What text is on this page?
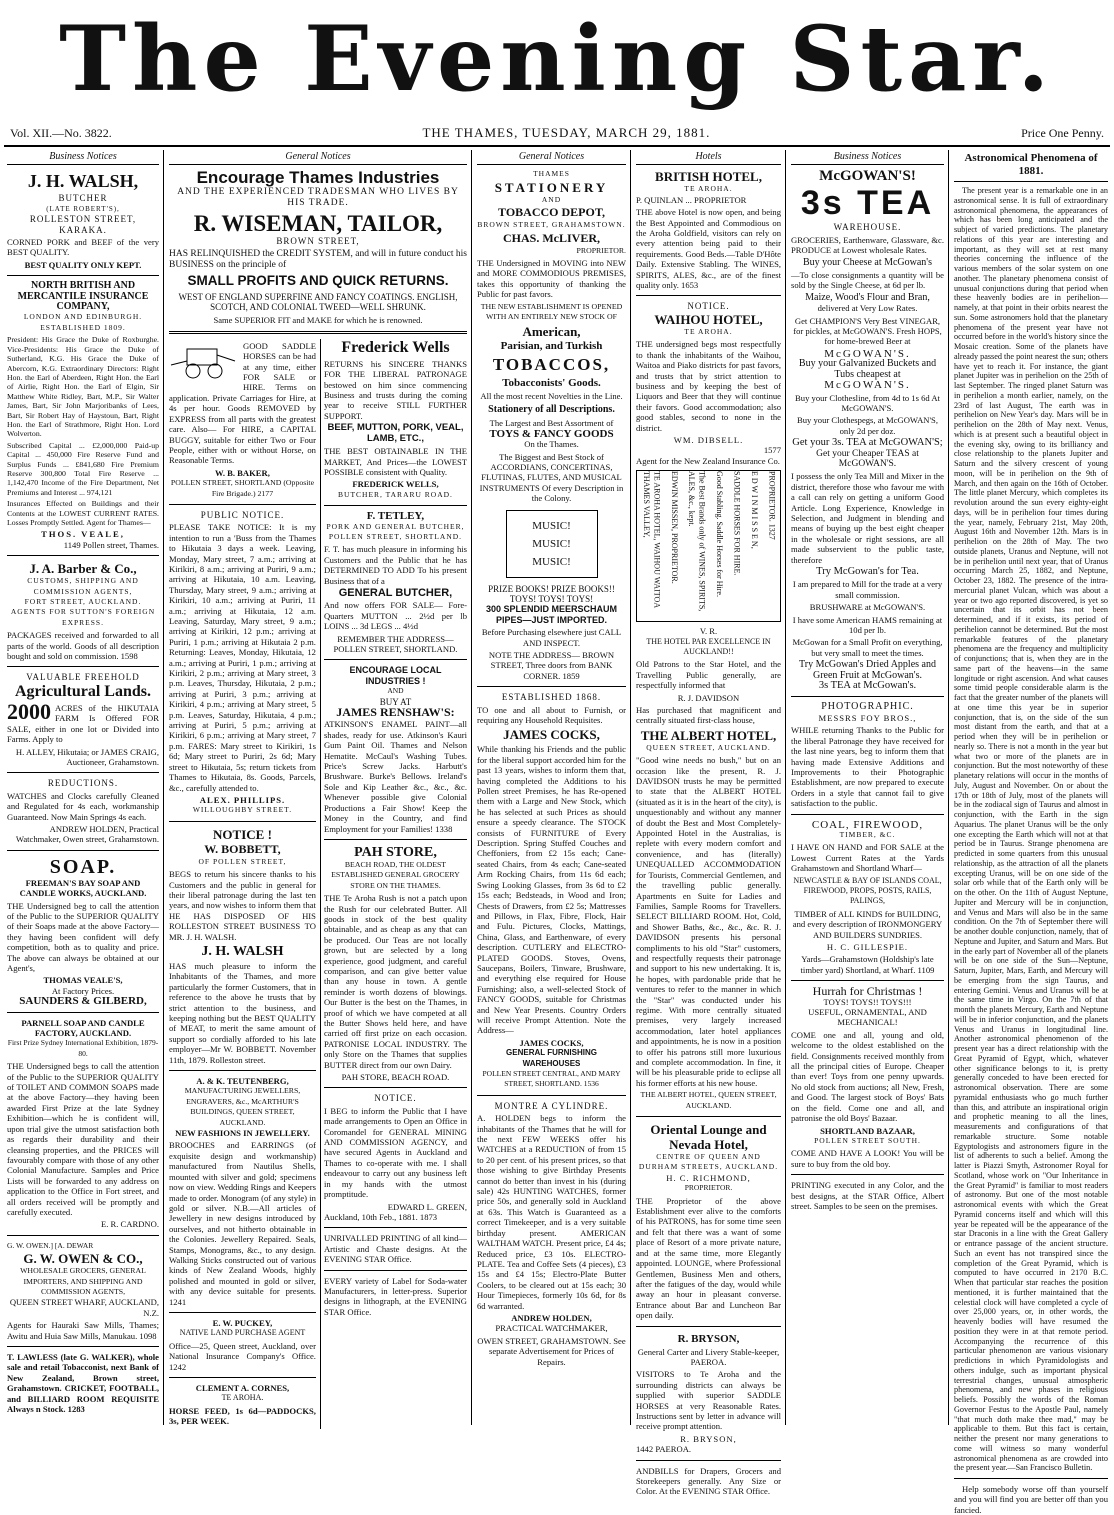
The Evening Star.
Vol. XII.—No. 3822.	THE THAMES, TUESDAY, MARCH 29, 1881.	Price One Penny.
Business Notices
J. H. WALSH,
BUTCHER
(LATE ROBERT'S),
ROLLESTON STREET, KARAKA.

CORNED PORK and BEEF of the very BEST QUALITY.

BEST QUALITY ONLY KEPT.
NORTH BRITISH AND MERCANTILE INSURANCE COMPANY,
LONDON AND EDINBURGH.
ESTABLISHED 1809.

President: His Grace the Duke of Roxburghe. Vice-Presidents: His Grace the Duke of Sutherland, K.G. His Grace the Duke of Abercorn, K.G. Extraordinary Directors: Right Hon. the Earl of Aberdeen, Right Hon. the Earl of Airlie, Right Hon. the Earl of Elgin, Sir Matthew White Ridley, Bart, M.P., Sir Walter James, Bart, Sir John Marjoribanks of Lees, Bart, Sir Robert Hay of Haystoun, Bart, Right Hon. the Earl of Strathmore, Right Hon. Lord Wolverton.

Subscribed Capital ... £2,000,000 Paid-up Capital ... 450,000 Fire Reserve Fund and Surplus Funds ... £841,680 Fire Premium Reserve 300,800 Total Fire Reserve ... 1,142,470 Income of the Fire Department, Net Premiums and Interest ... 974,121

Insurances Effected on Buildings and their Contents at the LOWEST CURRENT RATES. Losses Promptly Settled. Agent for Thames—

THOS. VEALE,
1149 Pollen street, Thames.
J. A. Barber & Co.,
CUSTOMS, SHIPPING AND COMMISSION AGENTS,
FORT STREET, AUCKLAND.
AGENTS FOR SUTTON'S FOREIGN EXPRESS.

PACKAGES received and forwarded to all parts of the world. Goods of all description bought and sold on commission. 1598

VALUABLE FREEHOLD
Agricultural Lands.
2000 ACRES of the HIKUTAIA FARM Is Offered FOR SALE, either in one lot or Divided into Farms. Apply to

H. ALLEY, Hikutaia; or JAMES CRAIG, Auctioneer, Grahamstown.

REDUCTIONS.

WATCHES and Clocks carefully Cleaned and Regulated for 4s each, workmanship Guaranteed. Now Main Springs 4s each.

ANDREW HOLDEN, Practical Watchmaker, Owen street, Grahamstown.

SOAP.
FREEMAN'S BAY SOAP AND CANDLE WORKS, AUCKLAND.

THE Undersigned beg to call the attention of the Public to the SUPERIOR QUALITY of their Soaps made at the above Factory—they having been confident will defy competition, both as to quality and price. The above can always be obtained at our Agent's,

THOMAS VEALE'S,
At Factory Prices.
SAUNDERS & GILBERD,
PARNELL SOAP AND CANDLE FACTORY, AUCKLAND.
First Prize Sydney International Exhibition, 1879-80.

THE Undersigned begs to call the attention of the Public to the SUPERIOR QUALITY of TOILET AND COMMON SOAPS made at the above Factory—they having been awarded First Prize at the late Sydney Exhibition—which he is confident will, upon trial give the utmost satisfaction both as regards their durability and their cleansing properties, and the PRICES will favourably compare with those of any other Colonial Manufacture. Samples and Price Lists will be forwarded to any address on application to the Office in Fort street, and all orders received will be promptly and carefully executed.

E. R. CARDNO.
G. W. OWEN.] [A. DEWAR
G. W. OWEN & CO.,
WHOLESALE GROCERS, GENERAL IMPORTERS, AND SHIPPING AND COMMISSION AGENTS,
QUEEN STREET WHARF, AUCKLAND, N.Z.

Agents for Hauraki Saw Mills, Thames; Awitu and Huia Saw Mills, Manukau. 1098

T. LAWLESS (late G. WALKER), whole sale and retail Tobacconist, next Bank of New Zealand, Brown street, Grahamstown. CRICKET, FOOTBALL, and BILLIARD ROOM REQUISITE Always n Stock. 1283

General Notices
Encourage Thames Industries
AND THE EXPERIENCED TRADESMAN WHO LIVES BY HIS TRADE.
R. WISEMAN, TAILOR,
BROWN STREET,

HAS RELINQUISHED the CREDIT SYSTEM, and will in future conduct his BUSINESS on the principle of

SMALL PROFITS AND QUICK RETURNS.
WEST OF ENGLAND SUPERFINE AND FANCY COATINGS. ENGLISH, SCOTCH, AND COLONIAL TWEED—WELL SHRUNK.
Same SUPERIOR FIT and MAKE for which he is renowned.

GOOD SADDLE HORSES can be had at any time, either FOR SALE or HIRE. Terms on application. Private Carriages for Hire, at 4s per hour. Goods REMOVED by EXPRESS from all parts with the greatest care. Also— For HIRE, a CAPITAL BUGGY, suitable for either Two or Four People, either with or without Horse, on Reasonable Terms.

W. B. BAKER,
POLLEN STREET, SHORTLAND (Opposite Fire Brigade.) 2177
PUBLIC NOTICE.

PLEASE TAKE NOTICE: It is my intention to run a 'Buss from the Thames to Hikutaia 3 days a week. Leaving, Monday, Mary street, 7 a.m.; arriving at Kirikiri, 8 a.m.; arriving at Puriri, 9 a.m.; arriving at Hikutaia, 10 a.m. Leaving, Thursday, Mary street, 9 a.m.; arriving at Kirikiri, 10 a.m.; arriving at Puriri, 11 a.m.; arriving at Hikutaia, 12 a.m. Leaving, Saturday, Mary street, 9 a.m.; arriving at Kirikiri, 12 p.m.; arriving at Puriri, 1 p.m.; arriving at Hikutaia 2 p.m. Returning: Leaves, Monday, Hikutaia, 12 a.m.; arriving at Puriri, 1 p.m.; arriving at Kirikiri, 2 p.m.; arriving at Mary street, 3 p.m. Leaves, Thursday, Hikutaia, 2 p.m.; arriving at Puriri, 3 p.m.; arriving at Kirikiri, 4 p.m.; arriving at Mary street, 5 p.m. Leaves, Saturday, Hikutaia, 4 p.m.; arriving at Puriri, 5 p.m.; arriving at Kirikiri, 6 p.m.; arriving at Mary street, 7 p.m. FARES: Mary street to Kirikiri, 1s 6d; Mary street to Puriri, 2s 6d; Mary street to Hikutaia, 5s; return tickets from Thames to Hikutaia, 8s. Goods, Parcels, &c., carefully attended to.

ALEX. PHILLIPS.
WILLOUGHBY STREET.
NOTICE !
W. BOBBETT,
OF POLLEN STREET,

BEGS to return his sincere thanks to his Customers and the public in general for their liberal patronage during the last ten years, and now wishes to inform them that HE HAS DISPOSED OF HIS ROLLESTON STREET BUSINESS TO MR. J. H. WALSH.

J. H. WALSH

HAS much pleasure to inform the Inhabitants of the Thames, and more particularly the former Customers, that in reference to the above he trusts that by strict attention to the business, and keeping nothing but the BEST QUALITY of MEAT, to merit the same amount of support so cordially afforded to his late employer—Mr W. BOBBETT. November 11th, 1879. Rolleston street.

A. & K. TEUTENBERG,
MANUFACTURING JEWELLERS, ENGRAVERS, &c., McARTHUR'S BUILDINGS, QUEEN STREET, AUCKLAND.
NEW FASHIONS IN JEWELLERY.

BROOCHES and EARRINGS (of exquisite design and workmanship) manufactured from Nautilus Shells, mounted with silver and gold; specimens now on view. Wedding Rings and Keepers made to order. Monogram (of any style) in gold or silver. N.B.—All articles of Jewellery in new designs introduced by ourselves, and not hitherto obtainable in the Colonies. Jewellery Repaired. Seals, Stamps, Monograms, &c., to any design. Walking Sticks constructed out of various kinds of New Zealand Woods, highly polished and mounted in gold or silver, with any device suitable for presents. 1241

E. W. PUCKEY,
NATIVE LAND PURCHASE AGENT

Office—25, Queen street, Auckland, over National Insurance Company's Office. 1242

CLEMENT A. CORNES,
TE AROHA.

HORSE FEED, 1s 6d—PADDOCKS, 3s, PER WEEK.

Frederick Wells

RETURNS his SINCERE THANKS FOR THE LIBERAL PATRONAGE bestowed on him since commencing Business and trusts during the coming year to receive STILL FURTHER SUPPORT.

BEEF, MUTTON, PORK, VEAL, LAMB, ETC.,

THE BEST OBTAINABLE IN THE MARKET, And Prices—the LOWEST POSSIBLE consistent with Quality.

FREDERICK WELLS,
BUTCHER, TARARU ROAD.
F. TETLEY,
PORK AND GENERAL BUTCHER, POLLEN STREET, SHORTLAND.

F. T. has much pleasure in informing his Customers and the Public that he has DETERMINED TO ADD To his present Business that of a

GENERAL BUTCHER,

And now offers FOR SALE— Fore-Quarters MUTTON ... 2½d per lb LOINS ... 3d LEGS ... 4½d

REMEMBER THE ADDRESS— POLLEN STREET, SHORTLAND.

ENCOURAGE LOCAL INDUSTRIES !
AND
BUY AT
JAMES RENSHAW'S:

ATKINSON'S ENAMEL PAINT—all shades, ready for use. Atkinson's Kauri Gum Paint Oil. Thames and Nelson Hematite. McCaul's Washing Tubes. Price's Screw Jacks. Harbutt's Brushware. Burke's Bellows. Ireland's Sole and Kip Leather &c., &c., &c. Whenever possible give Colonial Productions a Fair Show! Keep the Money in the Country, and find Employment for your Families! 1338

PAH STORE,
BEACH ROAD, THE OLDEST ESTABLISHED GENERAL GROCERY STORE ON THE THAMES.

THE Te Aroha Rush is not a patch upon the Rush for our celebrated Butter. All goods in stock of the best quality obtainable, and as cheap as any that can be produced. Our Teas are not locally grown, but are selected by a long experience, good judgment, and careful comparison, and can give better value than any house in town. A gentle reminder is worth dozens of blowings. Our Butter is the best on the Thames, in proof of which we have competed at all the Butter Shows held here, and have carried off first prize on each occasion. PATRONISE LOCAL INDUSTRY. The only Store on the Thames that supplies BUTTER direct from our own Dairy.

PAH STORE, BEACH ROAD.
NOTICE.

I BEG to inform the Public that I have made arrangements to Open an Office in Coromandel for GENERAL MINING AND COMMISSION AGENCY, and have secured Agents in Auckland and Thames to co-operate with me. I shall endeavour to carry out any business left in my hands with the utmost promptitude.

EDWARD L. GREEN,
Auckland, 10th Feb., 1881. 1873

UNRIVALLED PRINTING of all kind—Artistic and Chaste designs. At the EVENING STAR Office.

EVERY variety of Label for Soda-water Manufacturers, in letter-press. Superior designs in lithograph, at the EVENING STAR Office.

General Notices
THAMES
STATIONERY
AND
TOBACCO DEPOT,
BROWN STREET, GRAHAMSTOWN.
CHAS. McLIVER,
PROPRIETOR.

THE Undersigned in MOVING into NEW and MORE COMMODIOUS PREMISES, takes this opportunity of thanking the Public for past favors.

THE NEW ESTABLISHMENT IS OPENED WITH AN ENTIRELY NEW STOCK OF

American,
Parisian, and Turkish
TOBACCOS,
Tobacconists' Goods.
All the most recent Novelties in the Line.
Stationery of all Descriptions.
The Largest and Best Assortment of
TOYS & FANCY GOODS
On the Thames.

The Biggest and Best Stock of ACCORDIANS, CONCERTINAS, FLUTINAS, FLUTES, AND MUSICAL INSTRUMENTS Of every Description in the Colony.

MUSIC!
MUSIC!
MUSIC!
PRIZE BOOKS! PRIZE BOOKS!!
TOYS! TOYS! TOYS!
300 SPLENDID MEERSCHAUM PIPES—JUST IMPORTED.

Before Purchasing elsewhere just CALL AND INSPECT.

NOTE THE ADDRESS— BROWN STREET, Three doors from BANK CORNER. 1859

ESTABLISHED 1868.

TO one and all about to Furnish, or requiring any Household Requisites.

JAMES COCKS,

While thanking his Friends and the public for the liberal support accorded him for the past 13 years, wishes to inform them that, having completed the Additions to his Pollen street Premises, he has Re-opened them with a Large and New Stock, which he has selected at such Prices as should ensure a speedy clearance. The STOCK consists of FURNITURE of Every Description. Spring Stuffed Couches and Cheffoniers, from £2 15s each; Cane-seated Chairs, from 4s each; Cane-seated Arm Rocking Chairs, from 11s 6d each; Swing Looking Glasses, from 3s 6d to £2 15s each; Bedsteads, in Wood and Iron; Chests of Drawers, from £2 5s; Mattresses and Pillows, in Flax, Fibre, Flock, Hair and Fulu. Pictures, Clocks, Mattings, China, Glass, and Earthenware, of every description. CUTLERY and ELECTRO-PLATED GOODS. Stoves, Ovens, Saucepans, Boilers, Tinware, Brushware, and everything else required for House Furnishing; also, a well-selected Stock of FANCY GOODS, suitable for Christmas and New Year Presents. Country Orders will receive Prompt Attention. Note the Address—

JAMES COCKS,
GENERAL FURNISHING WAREHOUSES
POLLEN STREET CENTRAL, AND MARY STREET, SHORTLAND. 1536
MONTRE A CYLINDRE.

A. HOLDEN begs to inform the inhabitants of the Thames that he will for the next FEW WEEKS offer his WATCHES at a REDUCTION of from 15 to 20 per cent. of his present prices, so that those wishing to give Birthday Presents cannot do better than invest in his (during sale) 42s HUNTING WATCHES, former price 50s, and generally sold in Auckland at 63s. This Watch is Guaranteed as a correct Timekeeper, and is a very suitable birthday present. AMERICAN WALTHAM WATCH. Present price, £4 4s; Reduced price, £3 10s. ELECTRO-PLATE. Tea and Coffee Sets (4 pieces), £3 15s and £4 15s; Electro-Plate Butter Coolers, to be cleared out at 15s each; 30 Hour Timepieces, formerly 10s 6d, for 8s 6d warranted.

ANDREW HOLDEN,
PRACTICAL WATCHMAKER,

OWEN STREET, GRAHAMSTOWN. See separate Advertisement for Prices of Repairs.

Hotels
BRITISH HOTEL,
TE AROHA.
P. QUINLAN ... PROPRIETOR

THE above Hotel is now open, and being the Best Appointed and Commodious on the Aroha Goldfield, visitors can rely on every attention being paid to their requirements. Good Beds.—Table D'Hôte Daily. Extensive Stabling. The WINES, SPIRITS, ALES, &c., are of the finest quality only. 1653

NOTICE.
WAIHOU HOTEL,
TE AROHA.

THE undersigned begs most respectfully to thank the inhabitants of the Waihou, Waitoa and Piako districts for past favors, and trusts that by strict attention to business and by keeping the best of Liquors and Beer that they will continue their favors. Good accommodation; also good stables, second to none in the district.

WM. DIBSELL.
1577
Agent for the New Zealand Insurance Co.
TE AROHA HOTEL, WAIHOU WAITOA THAMES VALLEY,	EDWIN MISSEN, PROPRIETOR.	The Best Brands only of WINES, SPIRITS, ALES, &c., kept.	Good Stabling. Saddle Horses for Hire. SADDLE HORSES FOR HIRE. E D W I N M I S S E N, PROPRIETOR. 1327
V. R.
THE HOTEL PAR EXCELLENCE IN AUCKLAND!!

Old Patrons to the Star Hotel, and the Travelling Public generally, are respectfully informed that

R. J. DAVIDSON

Has purchased that magnificent and centrally situated first-class house,

THE ALBERT HOTEL,
QUEEN STREET, AUCKLAND.

"Good wine needs no bush," but on an occasion like the present, R. J. DAVIDSON trusts he may be permitted to state that the ALBERT HOTEL (situated as it is in the heart of the city), is unquestionably and without any manner of doubt the Best and Most Completely-Appointed Hotel in the Australias, is replete with every modern comfort and convenience, and has (literally) UNEQUALLED ACCOMMODATION for Tourists, Commercial Gentlemen, and the travelling public generally. Apartments en Suite for Ladies and Families, Sample Rooms for Travellers. SELECT BILLIARD ROOM. Hot, Cold, and Shower Baths, &c., &c., &c. R. J. DAVIDSON presents his personal compliments to his old "Star" customers, and respectfully requests their patronage and support to his new undertaking. It is, he hopes, with pardonable pride that he ventures to refer to the manner in which the "Star" was conducted under his regime. With more centrally situated premises, very largely increased accommodation, later hotel appliances and appointments, he is now in a position to offer his patrons still more luxurious and complete accommodation. In fine, it will be his pleasurable pride to eclipse all his former efforts at his new house.

THE ALBERT HOTEL, QUEEN STREET, AUCKLAND.
Oriental Lounge and Nevada Hotel,
CENTRE OF QUEEN AND DURHAM STREETS, AUCKLAND.
H. C. RICHMOND,
PROPRIETOR.

THE Proprietor of the above Establishment ever alive to the comforts of his PATRONS, has for some time seen and felt that there was a want of some place of Resort of a more private nature, and at the same time, more Elegantly appointed. LOUNGE, where Professional Gentlemen, Business Men and others, after the fatigues of the day, would while away an hour in pleasant converse. Entrance about Bar and Luncheon Bar open daily.

R. BRYSON,
General Carter and Livery Stable-keeper, PAEROA.

VISITORS to Te Aroha and the surrounding districts can always be supplied with superior SADDLE HORSES at very Reasonable Rates. Instructions sent by letter in advance will receive prompt attention.

R. BRYSON,
1442 PAEROA.

ANDBILLS for Drapers, Grocers and Storekeepers generally. Any Size or Color. At the EVENING STAR Office.

Business Notices
McGOWAN'S!
3s TEA
WAREHOUSE.

GROCERIES, Earthenware, Glassware, &c. PRODUCE at Lowest wholesale Rates.

Buy your Cheese at McGowan's

—To close consignments a quantity will be sold by the Single Cheese, at 6d per lb.

Maize, Wood's Flour and Bran,
delivered at Very Low Rates.

Get CHAMPION'S Very Best VINEGAR, for pickles, at McGOWAN'S. Fresh HOPS, for home-brewed Beer at

McGOWAN'S.
Buy your Galvanized Buckets and Tubs cheapest at
McGOWAN'S.

Buy your Clothesline, from 4d to 1s 6d At McGOWAN'S.

Buy your Clothespegs, at McGOWAN'S, only 2d per doz.

Get your 3s. TEA at McGOWAN'S;
Get your Cheaper TEAS at McGOWAN'S.

I possess the only Tea Mill and Mixer in the district, therefore those who favour me with a call can rely on getting a uniform Good Article. Long Experience, Knowledge in Selection, and Judgment in blending and means of buying up the best eight cheaper in the wholesale or right sessions, are all made subservient to the public taste, therefore

Try McGowan's for Tea.

I am prepared to Mill for the trade at a very small commission.

BRUSHWARE at McGOWAN'S.

I have some American HAMS remaining at 10d per lb.

McGowan for a Small Profit on everything, but very small to meet the times.

Try McGowan's Dried Apples and Green Fruit at McGowan's.
3s TEA at McGowan's.
PHOTOGRAPHIC.
MESSRS FOY BROS.,

WHILE returning Thanks to the Public for the liberal Patronage they have received for the last nine years, beg to inform them that having made Extensive Additions and Improvements to their Photographic Establishment, are now prepared to execute Orders in a style that cannot fail to give satisfaction to the public.

COAL, FIREWOOD,
TIMBER, &C.

I HAVE ON HAND and FOR SALE at the Lowest Current Rates at the Yards Grahamstown and Shortland Wharf—

NEWCASTLE & BAY OF ISLANDS COAL,
FIREWOOD, PROPS, POSTS, RAILS, PALINGS,

TIMBER of ALL KINDS for BUILDING, and every description of IRONMONGERY AND BUILDERS SUNDRIES.

H. C. GILLESPIE.

Yards—Grahamstown (Holdship's late timber yard) Shortland, at Wharf. 1109

Hurrah for Christmas !
TOYS! TOYS!! TOYS!!!
USEFUL, ORNAMENTAL, AND MECHANICAL!

COME one and all, young and old, welcome to the oldest established on the field. Consignments received monthly from all the principal cities of Europe. Cheaper than ever! Toys from one penny upwards. No old stock from auctions; all New, Fresh, and Good. The largest stock of Boys' Bats on the field. Come one and all, and patronise the old Boys' Bazaar.

SHORTLAND BAZAAR,
POLLEN STREET SOUTH.

COME AND HAVE A LOOK! You will be sure to buy from the old boy.

PRINTING executed in any Color, and the best designs, at the STAR Office, Albert street. Samples to be seen on the premises.

Astronomical Phenomena of 1881.

The present year is a remarkable one in an astronomical sense. It is full of extraordinary astronomical phenomena, the appearances of which has been long anticipated and the subject of varied predictions. The planetary relations of this year are interesting and important, as they will set at rest many theories concerning the influence of the various members of the solar system on one another. The planetary phenomena consist of unusual conjunctions during that period when these heavenly bodies are in perihelion—namely, at that point in their orbits nearest the sun. Some astronomers hold that the planetary phenomena of the present year have not occurred before in the world's history since the Mosaic creation. Some of the planets have already passed the point nearest the sun; others have yet to reach it. For instance, the giant planet Jupiter was in perihelion on the 25th of last September. The ringed planet Saturn was in perihelion a month earlier, namely, on the 23rd of last August, The earth was in perihelion on New Year's day. Mars will be in perihelion on the 28th of May next. Venus, which is at present such a beautiful object in the evening sky, owing to its brilliancy and close relationship to the planets Jupiter and Saturn and the silvery crescent of young moon, will be in perihelion on the 9th of March, and then again on the 16th of October. The little planet Mercury, which completes its revolution around the sun every eighty-eight days, will be in perihelion four times during the year, namely, February 21st, May 20th, August 16th and November 12th. Mars is in perihelion on the 28th of May. The two outside planets, Uranus and Neptune, will not be in perihelion until next year, that of Uranus occurring March 25, 1882, and Neptune, October 23, 1882. The presence of the intra-mercurial planet Vulcan, which was about a year or two ago reported discovered, is yet so uncertain that its orbit has not been determined, and if it exists, its period of perihelion cannot be determined. But the most remarkable features of the planetary phenomena are the frequency and multiplicity of conjunctions; that is, when they are in the same part of the heavens—in the same longitude or right ascension. And what causes some timid people considerable alarm is the fact that the greater number of the planets will at one time this year be in superior conjunction, that is, on the side of the sun most distant from the earth, and that at a period when they will be in perihelion or nearly so. There is not a month in the year but what two or more of the planets are in conjunction. But the most noteworthy of these planetary relations will occur in the months of July, August and November. On or about the 17th or 18th of July, most of the planets will be in the zodiacal sign of Taurus and almost in conjunction, with the Earth in the sign Aquarius. The planet Uranus will be the only one excepting the Earth which will not at that period be in Taurus. Strange phenomena are predicted in some quarters from this unusual relationship, as the attraction of all the planets excepting Uranus, will be on one side of the solar orb while that of the Earth only will be on the other. On the 11th of August Neptune, Jupiter and Mercury will be in conjunction, and Venus and Mars will also be in the same condition. On the 7th of September there will be another double conjunction, namely, that of Neptune and Jupiter, and Saturn and Mars. But in the early part of November all of the planets will be on one side of the Sun—Neptune, Saturn, Jupiter, Mars, Earth, and Mercury will be emerging from the sign Taurus, and entering Gemini. Venus and Uranus will be at the same time in Virgo. On the 7th of that month the planets Mercury, Earth and Neptune will be in inferior conjunction, and the planets Venus and Uranus in longitudinal line. Another astronomical phenomenon of the present year has a direct relationship with the Great Pyramid of Egypt, which, whatever other significance belongs to it, is pretty generally conceded to have been erected for astronomical observation. There are some pyramidal enthusiasts who go much further than this, and attribute an inspirational origin and prophetic meaning to all the lines, measurements and configurations of that remarkable structure. Some notable Egyptologists and astronomers figure in the list of adherents to such a belief. Among the latter is Piazzi Smyth, Astronomer Royal for Scotland, whose work on "Our Inheritance in the Great Pyramid" is familiar to most readers of astronomy. But one of the most notable astronomical events with which the Great Pyramid concerns itself and which will this year be repeated will be the appearance of the star Draconis in a line with the Great Gallery or entrance passage of the ancient structure. Such an event has not transpired since the completion of the Great Pyramid, which is computed to have occurred in 2170 B.C. When that particular star reaches the position mentioned, it is further maintained that the celestial clock will have completed a cycle of over 25,000 years, or, in other words, the heavenly bodies will have resumed the position they were in at that remote period. Accompanying the recurrence of this particular phenomenon are various visionary predictions in which Pyramidologists and others indulge, such as important physical terrestrial changes, unusual atmospheric phenomena, and new phases in religious beliefs. Possibly the words of the Roman Governor Festus to the Apostle Paul, namely "that much doth make thee mad," may be applicable to them. But this fact is certain, neither the present nor many generations to come will witness so many wonderful astronomical phenomena as are crowded into the present year.—San Francisco Bulletin.

Help somebody worse off than yourself and you will find you are better off than you fancied.
